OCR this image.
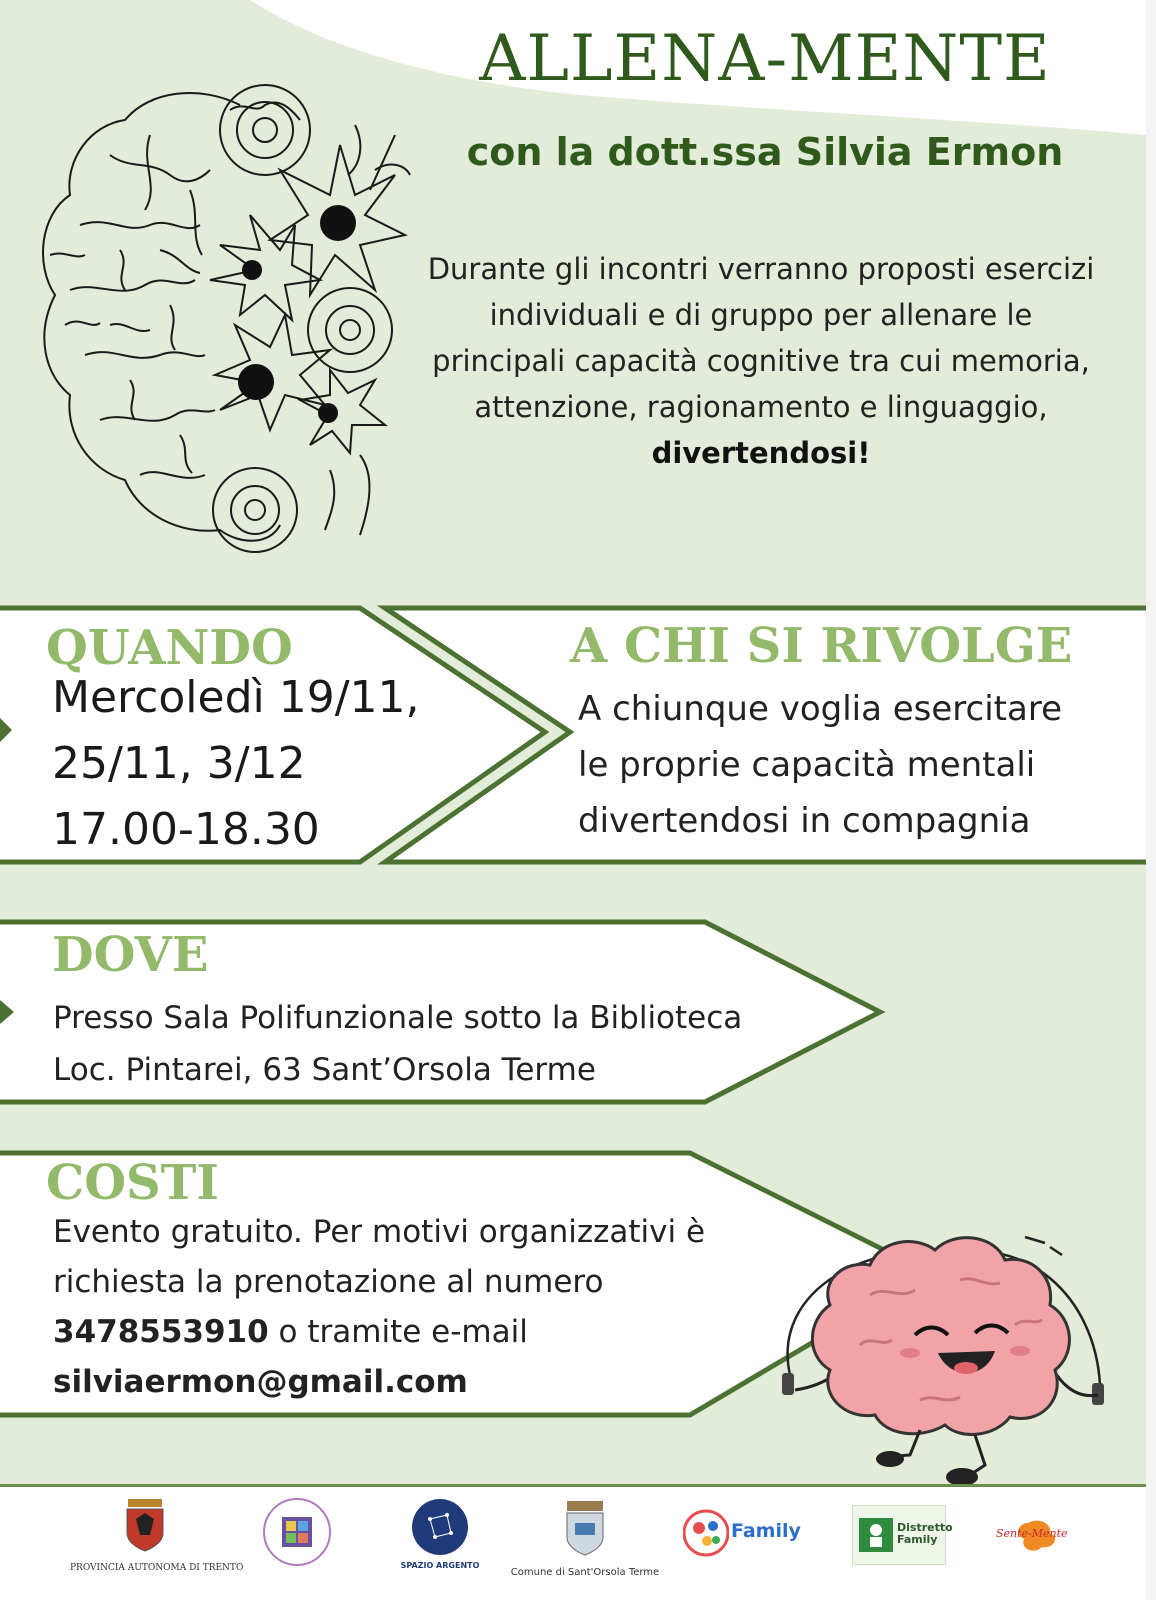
ALLENA-MENTE
con la dott.ssa Silvia Ermon
Durante gli incontri verranno proposti esercizi
individuali e di gruppo per allenare le
principali capacità cognitive tra cui memoria,
attenzione, ragionamento e linguaggio,
divertendosi!
QUANDO
Mercoledì 19/11,
25/11, 3/12
17.00-18.30
A CHI SI RIVOLGE
A chiunque voglia esercitare
le proprie capacità mentali
divertendosi in compagnia
DOVE
Presso Sala Polifunzionale sotto la Biblioteca
Loc. Pintarei, 63 Sant’Orsola Terme
COSTI
Evento gratuito. Per motivi organizzativi è
richiesta la prenotazione al numero
3478553910 o tramite e-mail
silviaermon@gmail.com
PROVINCIA AUTONOMA DI TRENTO	SPAZIO ARGENTO
Comune di Sant'Orsola Terme
Family	Distretto Family	Sente-Mente
